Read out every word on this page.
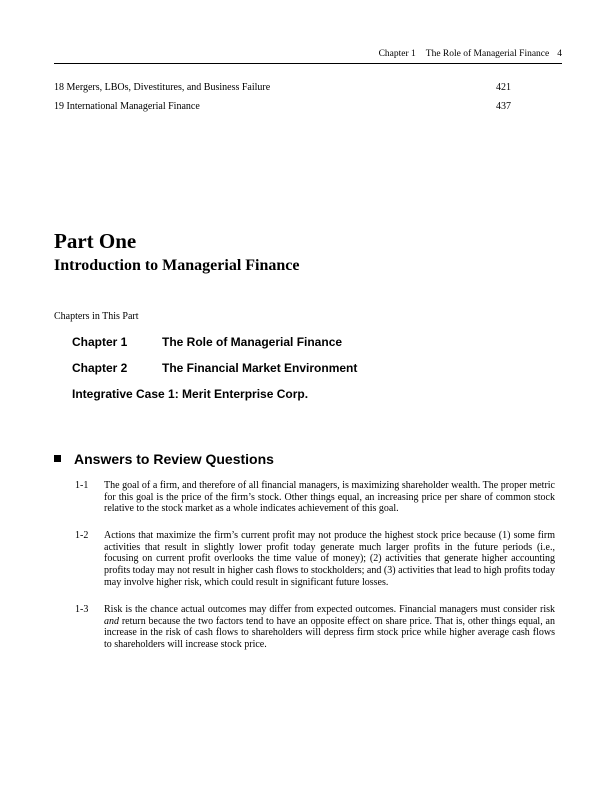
Chapter 1 The Role of Managerial Finance 4
18 Mergers, LBOs, Divestitures, and Business Failure	421
19 International Managerial Finance	437
Part One
Introduction to Managerial Finance
Chapters in This Part
Chapter 1	The Role of Managerial Finance
Chapter 2	The Financial Market Environment
Integrative Case 1: Merit Enterprise Corp.
Answers to Review Questions
1-1 The goal of a firm, and therefore of all financial managers, is maximizing shareholder wealth. The proper metric for this goal is the price of the firm’s stock. Other things equal, an increasing price per share of common stock relative to the stock market as a whole indicates achievement of this goal.
1-2 Actions that maximize the firm’s current profit may not produce the highest stock price because (1) some firm activities that result in slightly lower profit today generate much larger profits in the future periods (i.e., focusing on current profit overlooks the time value of money); (2) activities that generate higher accounting profits today may not result in higher cash flows to stockholders; and (3) activities that lead to high profits today may involve higher risk, which could result in significant future losses.
1-3 Risk is the chance actual outcomes may differ from expected outcomes. Financial managers must consider risk and return because the two factors tend to have an opposite effect on share price. That is, other things equal, an increase in the risk of cash flows to shareholders will depress firm stock price while higher average cash flows to shareholders will increase stock price.
